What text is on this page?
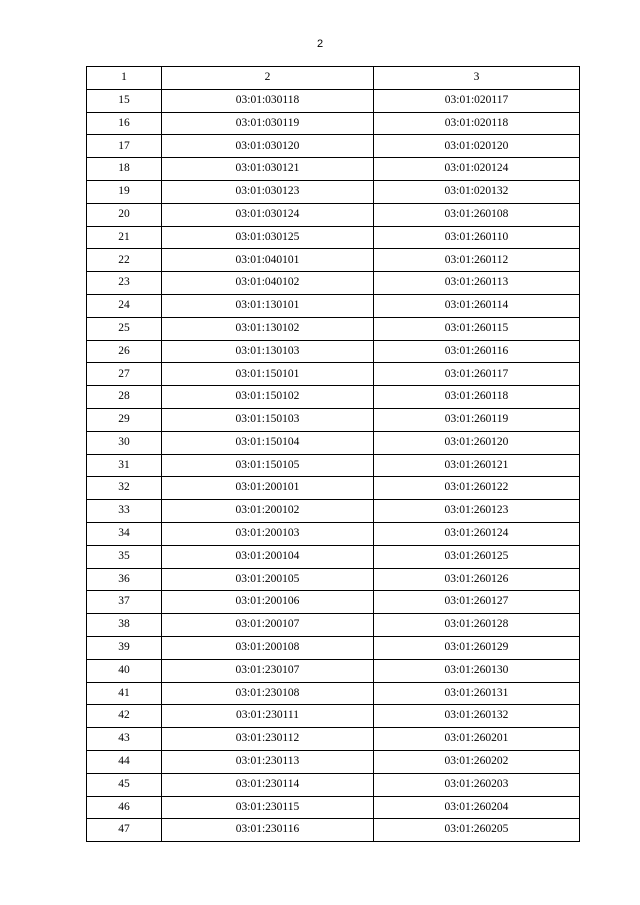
2
1	2	3
15	03:01:030118	03:01:020117
16	03:01:030119	03:01:020118
17	03:01:030120	03:01:020120
18	03:01:030121	03:01:020124
19	03:01:030123	03:01:020132
20	03:01:030124	03:01:260108
21	03:01:030125	03:01:260110
22	03:01:040101	03:01:260112
23	03:01:040102	03:01:260113
24	03:01:130101	03:01:260114
25	03:01:130102	03:01:260115
26	03:01:130103	03:01:260116
27	03:01:150101	03:01:260117
28	03:01:150102	03:01:260118
29	03:01:150103	03:01:260119
30	03:01:150104	03:01:260120
31	03:01:150105	03:01:260121
32	03:01:200101	03:01:260122
33	03:01:200102	03:01:260123
34	03:01:200103	03:01:260124
35	03:01:200104	03:01:260125
36	03:01:200105	03:01:260126
37	03:01:200106	03:01:260127
38	03:01:200107	03:01:260128
39	03:01:200108	03:01:260129
40	03:01:230107	03:01:260130
41	03:01:230108	03:01:260131
42	03:01:230111	03:01:260132
43	03:01:230112	03:01:260201
44	03:01:230113	03:01:260202
45	03:01:230114	03:01:260203
46	03:01:230115	03:01:260204
47	03:01:230116	03:01:260205
